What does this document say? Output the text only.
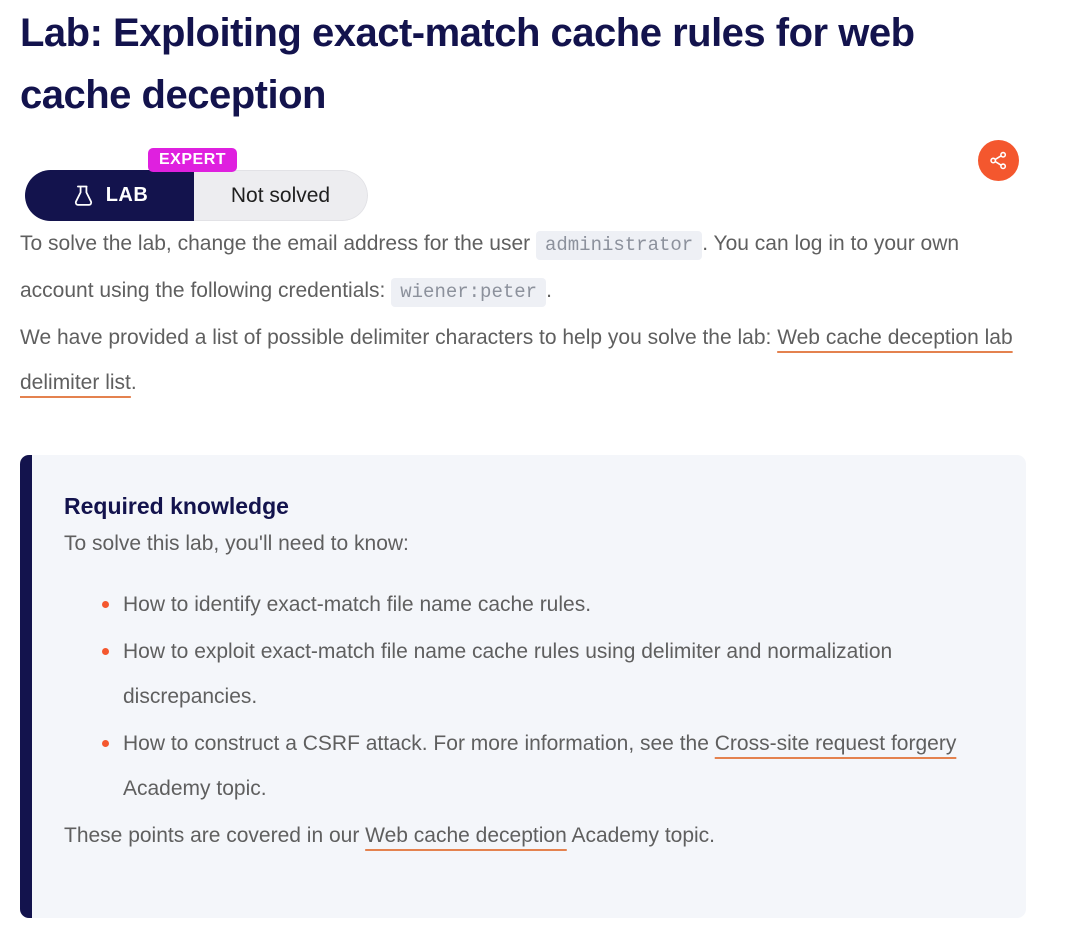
Lab: Exploiting exact-match cache rules for web cache deception
EXPERT
LAB	Not solved

To solve the lab, change the email address for the user administrator . You can log in to your own account using the following credentials: wiener:peter .

We have provided a list of possible delimiter characters to help you solve the lab: Web cache deception lab delimiter list.

Required knowledge

To solve this lab, you'll need to know:

How to identify exact-match file name cache rules.
How to exploit exact-match file name cache rules using delimiter and normalization discrepancies.
How to construct a CSRF attack. For more information, see the Cross-site request forgery Academy topic.

These points are covered in our Web cache deception Academy topic.
